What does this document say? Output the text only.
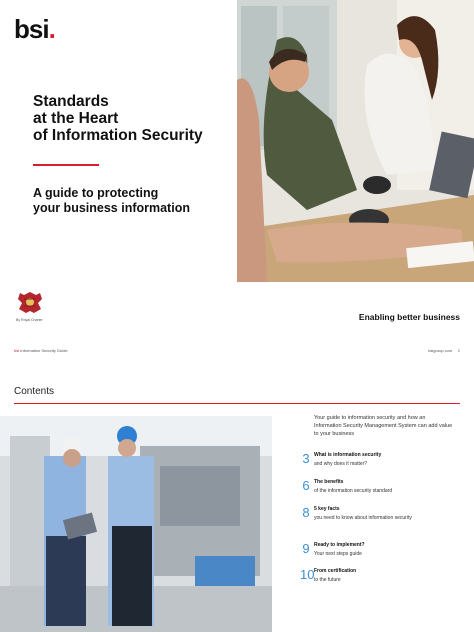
bsi.
Standards
at the Heart
of Information Security
A guide to protecting
your business information
By Royal Charter	Enabling better business
bsi Information Security Guide	bsigroup.com 2
Contents
Your guide to information security and how an Information Security Management System can add value to your business
3 What is information security
and why does it matter?
6 The benefits
of the information security standard
8 5 key facts
you need to know about information security
9 Ready to implement?
Your next steps guide
10 From certification
to the future
